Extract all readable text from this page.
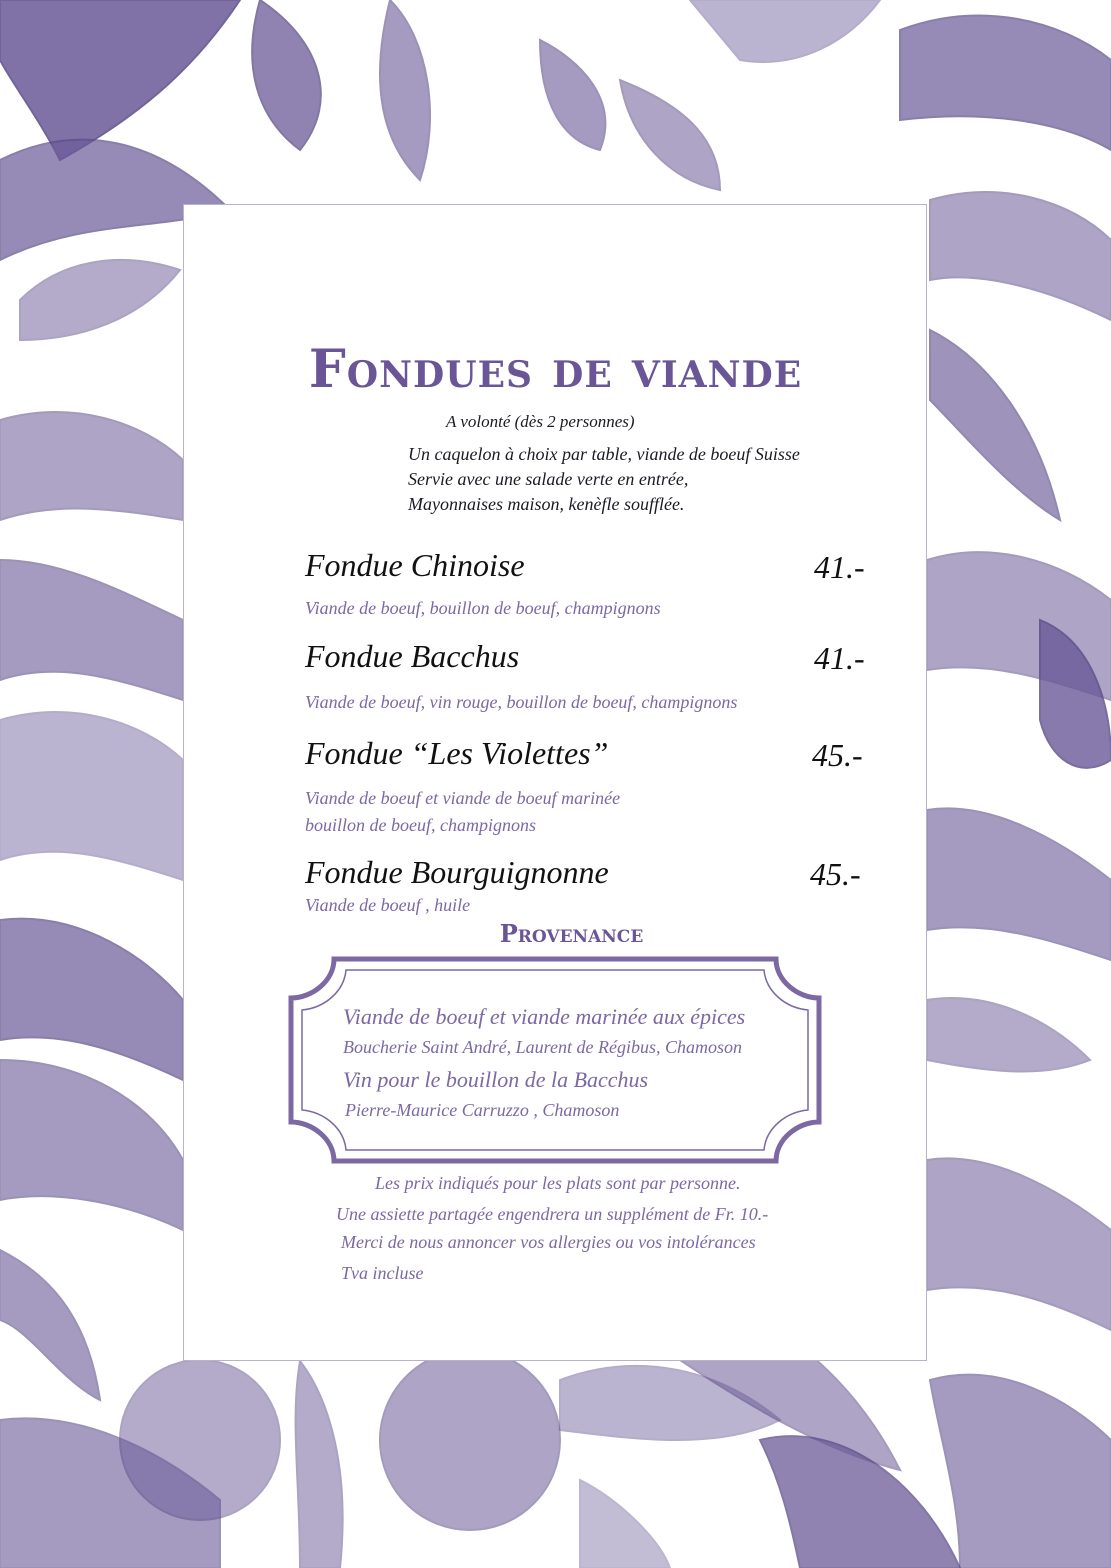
Fondues de viande
A volonté (dès 2 personnes)
Un caquelon à choix par table, viande de boeuf Suisse
Servie avec une salade verte en entrée,
Mayonnaises maison, kenèfle soufflée.
Fondue Chinoise	41.-
Viande de boeuf, bouillon de boeuf, champignons
Fondue Bacchus	41.-
Viande de boeuf, vin rouge, bouillon de boeuf, champignons
Fondue “Les Violettes”	45.-
Viande de boeuf et viande de boeuf marinée
bouillon de boeuf, champignons
Fondue Bourguignonne	45.-
Viande de boeuf , huile
Provenance
Viande de boeuf et viande marinée aux épices
Boucherie Saint André, Laurent de Régibus, Chamoson
Vin pour le bouillon de la Bacchus
Pierre-Maurice Carruzzo , Chamoson
Les prix indiqués pour les plats sont par personne.
Une assiette partagée engendrera un supplément de Fr. 10.-
Merci de nous annoncer vos allergies ou vos intolérances
Tva incluse
